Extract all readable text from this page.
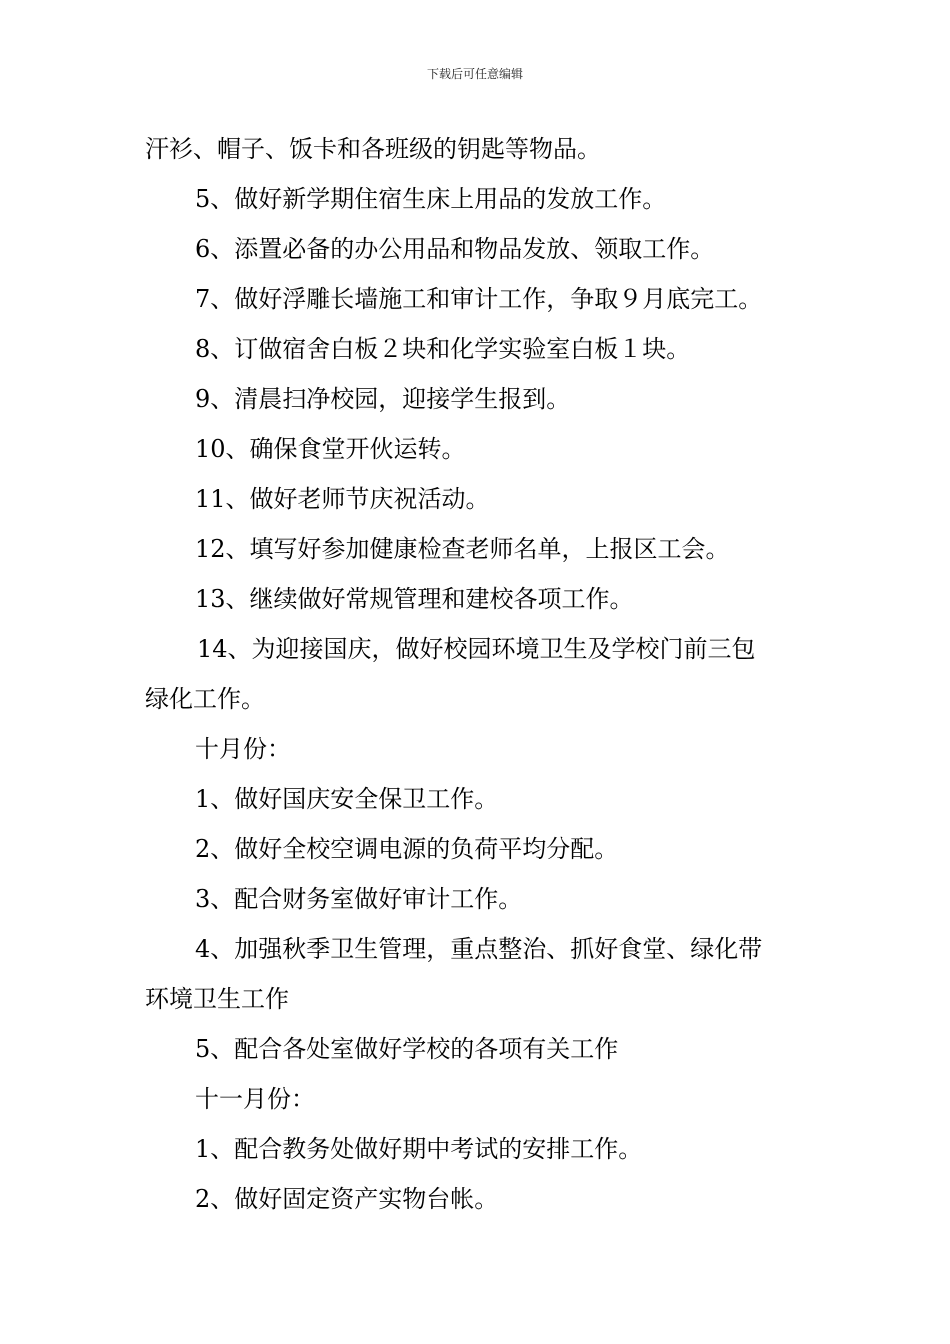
下载后可任意编辑
汗衫、帽子、饭卡和各班级的钥匙等物品。
5、做好新学期住宿生床上用品的发放工作。
6、添置必备的办公用品和物品发放、领取工作。
7、做好浮雕长墙施工和审计工作，争取９月底完工。
8、订做宿舍白板２块和化学实验室白板１块。
9、清晨扫净校园，迎接学生报到。
10、确保食堂开伙运转。
11、做好老师节庆祝活动。
12、填写好参加健康检查老师名单，上报区工会。
13、继续做好常规管理和建校各项工作。
14、为迎接国庆，做好校园环境卫生及学校门前三包
绿化工作。
十月份：
1、做好国庆安全保卫工作。
2、做好全校空调电源的负荷平均分配。
3、配合财务室做好审计工作。
4、加强秋季卫生管理，重点整治、抓好食堂、绿化带
环境卫生工作
5、配合各处室做好学校的各项有关工作
十一月份：
1、配合教务处做好期中考试的安排工作。
2、做好固定资产实物台帐。
